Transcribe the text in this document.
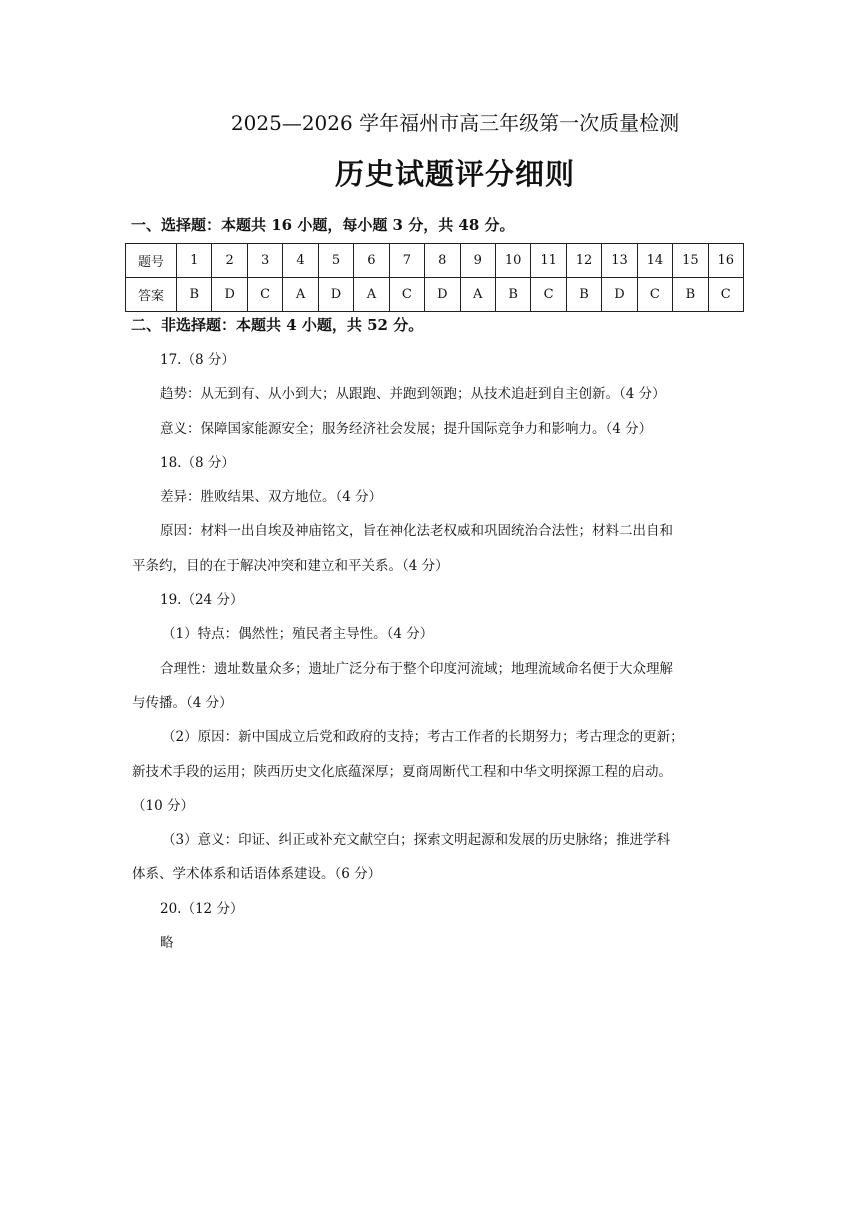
2025—2026 学年福州市高三年级第一次质量检测
历史试题评分细则
一、选择题：本题共 16 小题，每小题 3 分，共 48 分。
题号	1	2	3	4	5	6	7	8	9	10	11	12	13	14	15	16
答案	B	D	C	A	D	A	C	D	A	B	C	B	D	C	B	C
二、非选择题：本题共 4 小题，共 52 分。
17.（8 分）
趋势：从无到有、从小到大；从跟跑、并跑到领跑；从技术追赶到自主创新。（4 分）
意义：保障国家能源安全；服务经济社会发展；提升国际竞争力和影响力。（4 分）
18.（8 分）
差异：胜败结果、双方地位。（4 分）
原因：材料一出自埃及神庙铭文，旨在神化法老权威和巩固统治合法性；材料二出自和
平条约，目的在于解决冲突和建立和平关系。（4 分）
19.（24 分）
（1）特点：偶然性；殖民者主导性。（4 分）
合理性：遗址数量众多；遗址广泛分布于整个印度河流域；地理流域命名便于大众理解
与传播。（4 分）
（2）原因：新中国成立后党和政府的支持；考古工作者的长期努力；考古理念的更新；
新技术手段的运用；陕西历史文化底蕴深厚；夏商周断代工程和中华文明探源工程的启动。
（10 分）
（3）意义：印证、纠正或补充文献空白；探索文明起源和发展的历史脉络；推进学科
体系、学术体系和话语体系建设。（6 分）
20.（12 分）
略
